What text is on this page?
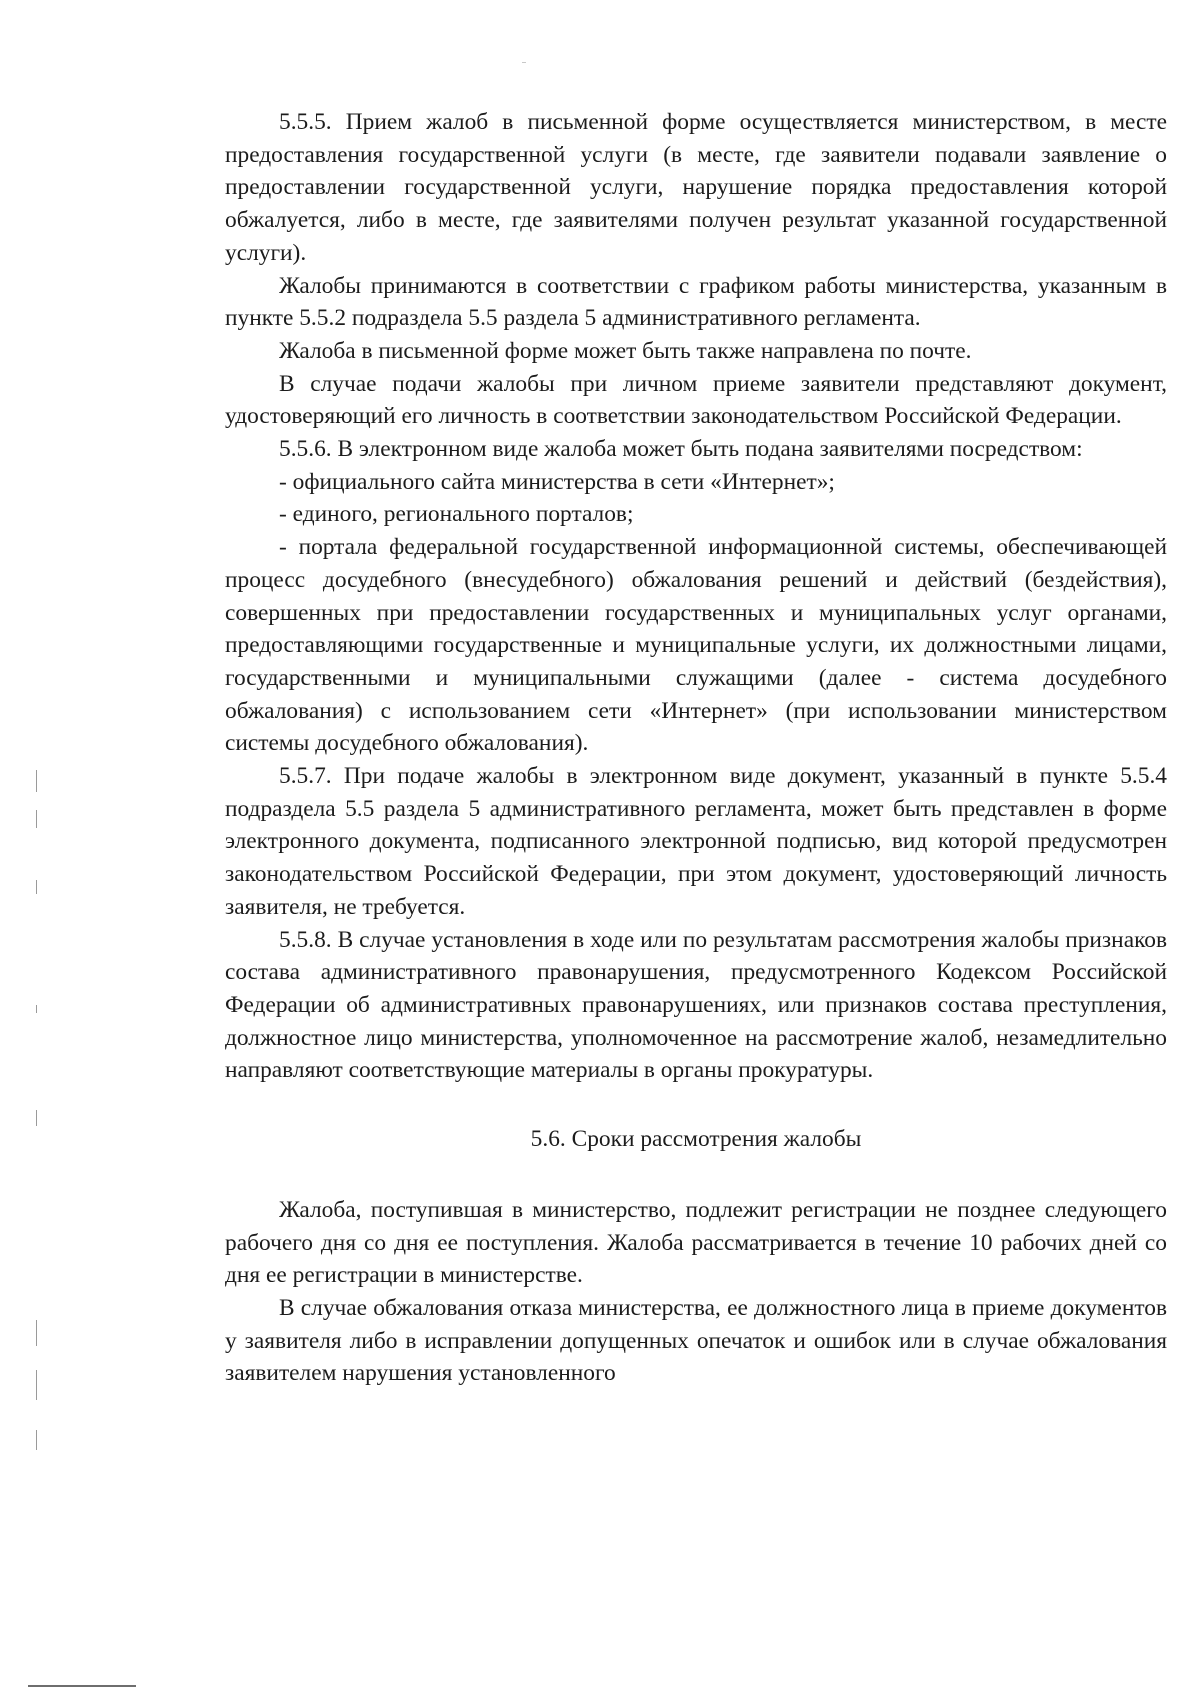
5.5.5. Прием жалоб в письменной форме осуществляется министерством, в месте предоставления государственной услуги (в месте, где заявители подавали заявление о предоставлении государственной услуги, нарушение порядка предоставления которой обжалуется, либо в месте, где заявителями получен результат указанной государственной услуги).

Жалобы принимаются в соответствии с графиком работы министерства, указанным в пункте 5.5.2 подраздела 5.5 раздела 5 административного регламента.

Жалоба в письменной форме может быть также направлена по почте.

В случае подачи жалобы при личном приеме заявители представляют документ, удостоверяющий его личность в соответствии законодательством Российской Федерации.

5.5.6. В электронном виде жалоба может быть подана заявителями посредством:

- официального сайта министерства в сети «Интернет»;

- единого, регионального порталов;

- портала федеральной государственной информационной системы, обеспечивающей процесс досудебного (внесудебного) обжалования решений и действий (бездействия), совершенных при предоставлении государственных и муниципальных услуг органами, предоставляющими государственные и муниципальные услуги, их должностными лицами, государственными и муниципальными служащими (далее - система досудебного обжалования) с использованием сети «Интернет» (при использовании министерством системы досудебного обжалования).

5.5.7. При подаче жалобы в электронном виде документ, указанный в пункте 5.5.4 подраздела 5.5 раздела 5 административного регламента, может быть представлен в форме электронного документа, подписанного электронной подписью, вид которой предусмотрен законодательством Российской Федерации, при этом документ, удостоверяющий личность заявителя, не требуется.

5.5.8. В случае установления в ходе или по результатам рассмотрения жалобы признаков состава административного правонарушения, предусмотренного Кодексом Российской Федерации об административных правонарушениях, или признаков состава преступления, должностное лицо министерства, уполномоченное на рассмотрение жалоб, незамедлительно направляют соответствующие материалы в органы прокуратуры.

5.6. Сроки рассмотрения жалобы

Жалоба, поступившая в министерство, подлежит регистрации не позднее следующего рабочего дня со дня ее поступления. Жалоба рассматривается в течение 10 рабочих дней со дня ее регистрации в министерстве.

В случае обжалования отказа министерства, ее должностного лица в приеме документов у заявителя либо в исправлении допущенных опечаток и ошибок или в случае обжалования заявителем нарушения установленного
